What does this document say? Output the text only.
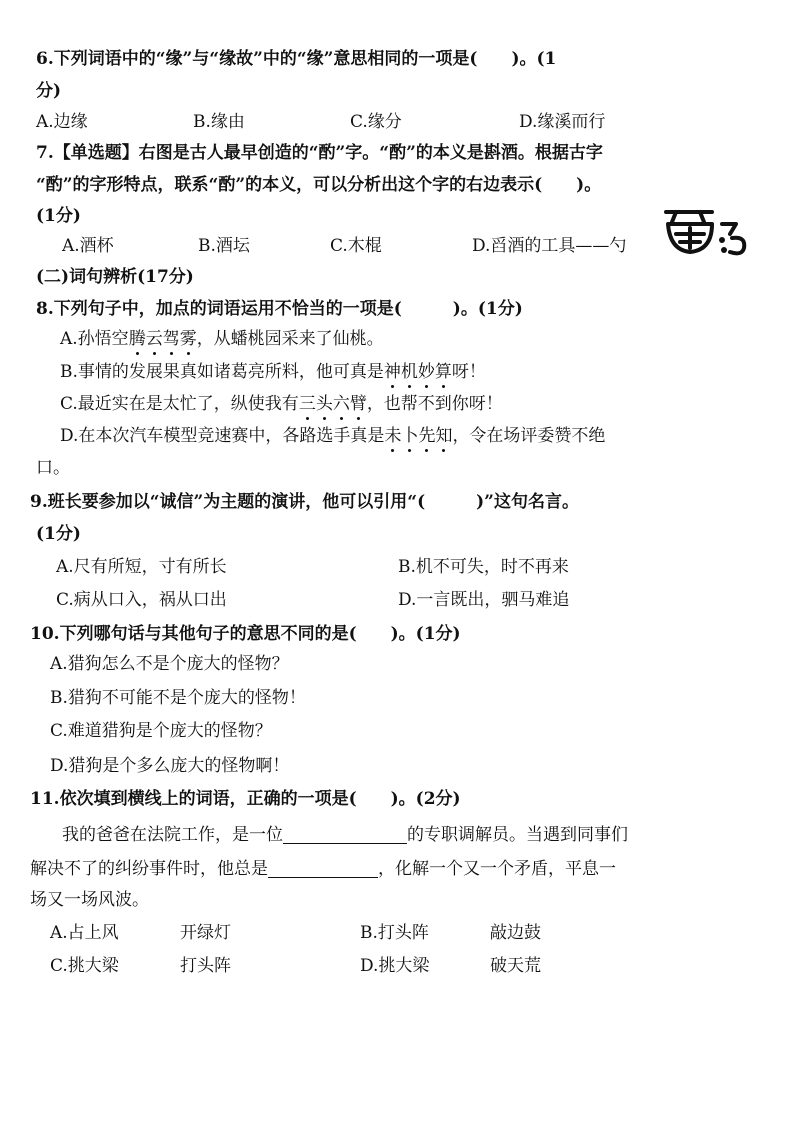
6.下列词语中的“缘”与“缘故”中的“缘”意思相同的一项是(　　)。(1
分)
A.边缘	B.缘由	C.缘分	D.缘溪而行
7.【单选题】右图是古人最早创造的“酌”字。“酌”的本义是斟酒。根据古字
“酌”的字形特点，联系“酌”的本义，可以分析出这个字的右边表示(　　)。
(1分)
A.酒杯	B.酒坛	C.木棍	D.舀酒的工具——勺
(二)词句辨析(17分)
8.下列句子中，加点的词语运用不恰当的一项是(　　　)。(1分)
A.孙悟空腾云驾雾，从蟠桃园采来了仙桃。
B.事情的发展果真如诸葛亮所料，他可真是神机妙算呀！
C.最近实在是太忙了，纵使我有三头六臂，也帮不到你呀！
D.在本次汽车模型竞速赛中，各路选手真是未卜先知，令在场评委赞不绝
口。
9.班长要参加以“诚信”为主题的演讲，他可以引用“(　　　)”这句名言。
(1分)
A.尺有所短，寸有所长	B.机不可失，时不再来
C.病从口入，祸从口出	D.一言既出，驷马难追
10.下列哪句话与其他句子的意思不同的是(　　)。(1分)
A.猎狗怎么不是个庞大的怪物？
B.猎狗不可能不是个庞大的怪物！
C.难道猎狗是个庞大的怪物？
D.猎狗是个多么庞大的怪物啊！
11.依次填到横线上的词语，正确的一项是(　　)。(2分)
我的爸爸在法院工作，是一位	的专职调解员。当遇到同事们
解决不了的纠纷事件时，他总是	，化解一个又一个矛盾，平息一
场又一场风波。
A.占上风	开绿灯	B.打头阵	敲边鼓
C.挑大梁	打头阵	D.挑大梁	破天荒
